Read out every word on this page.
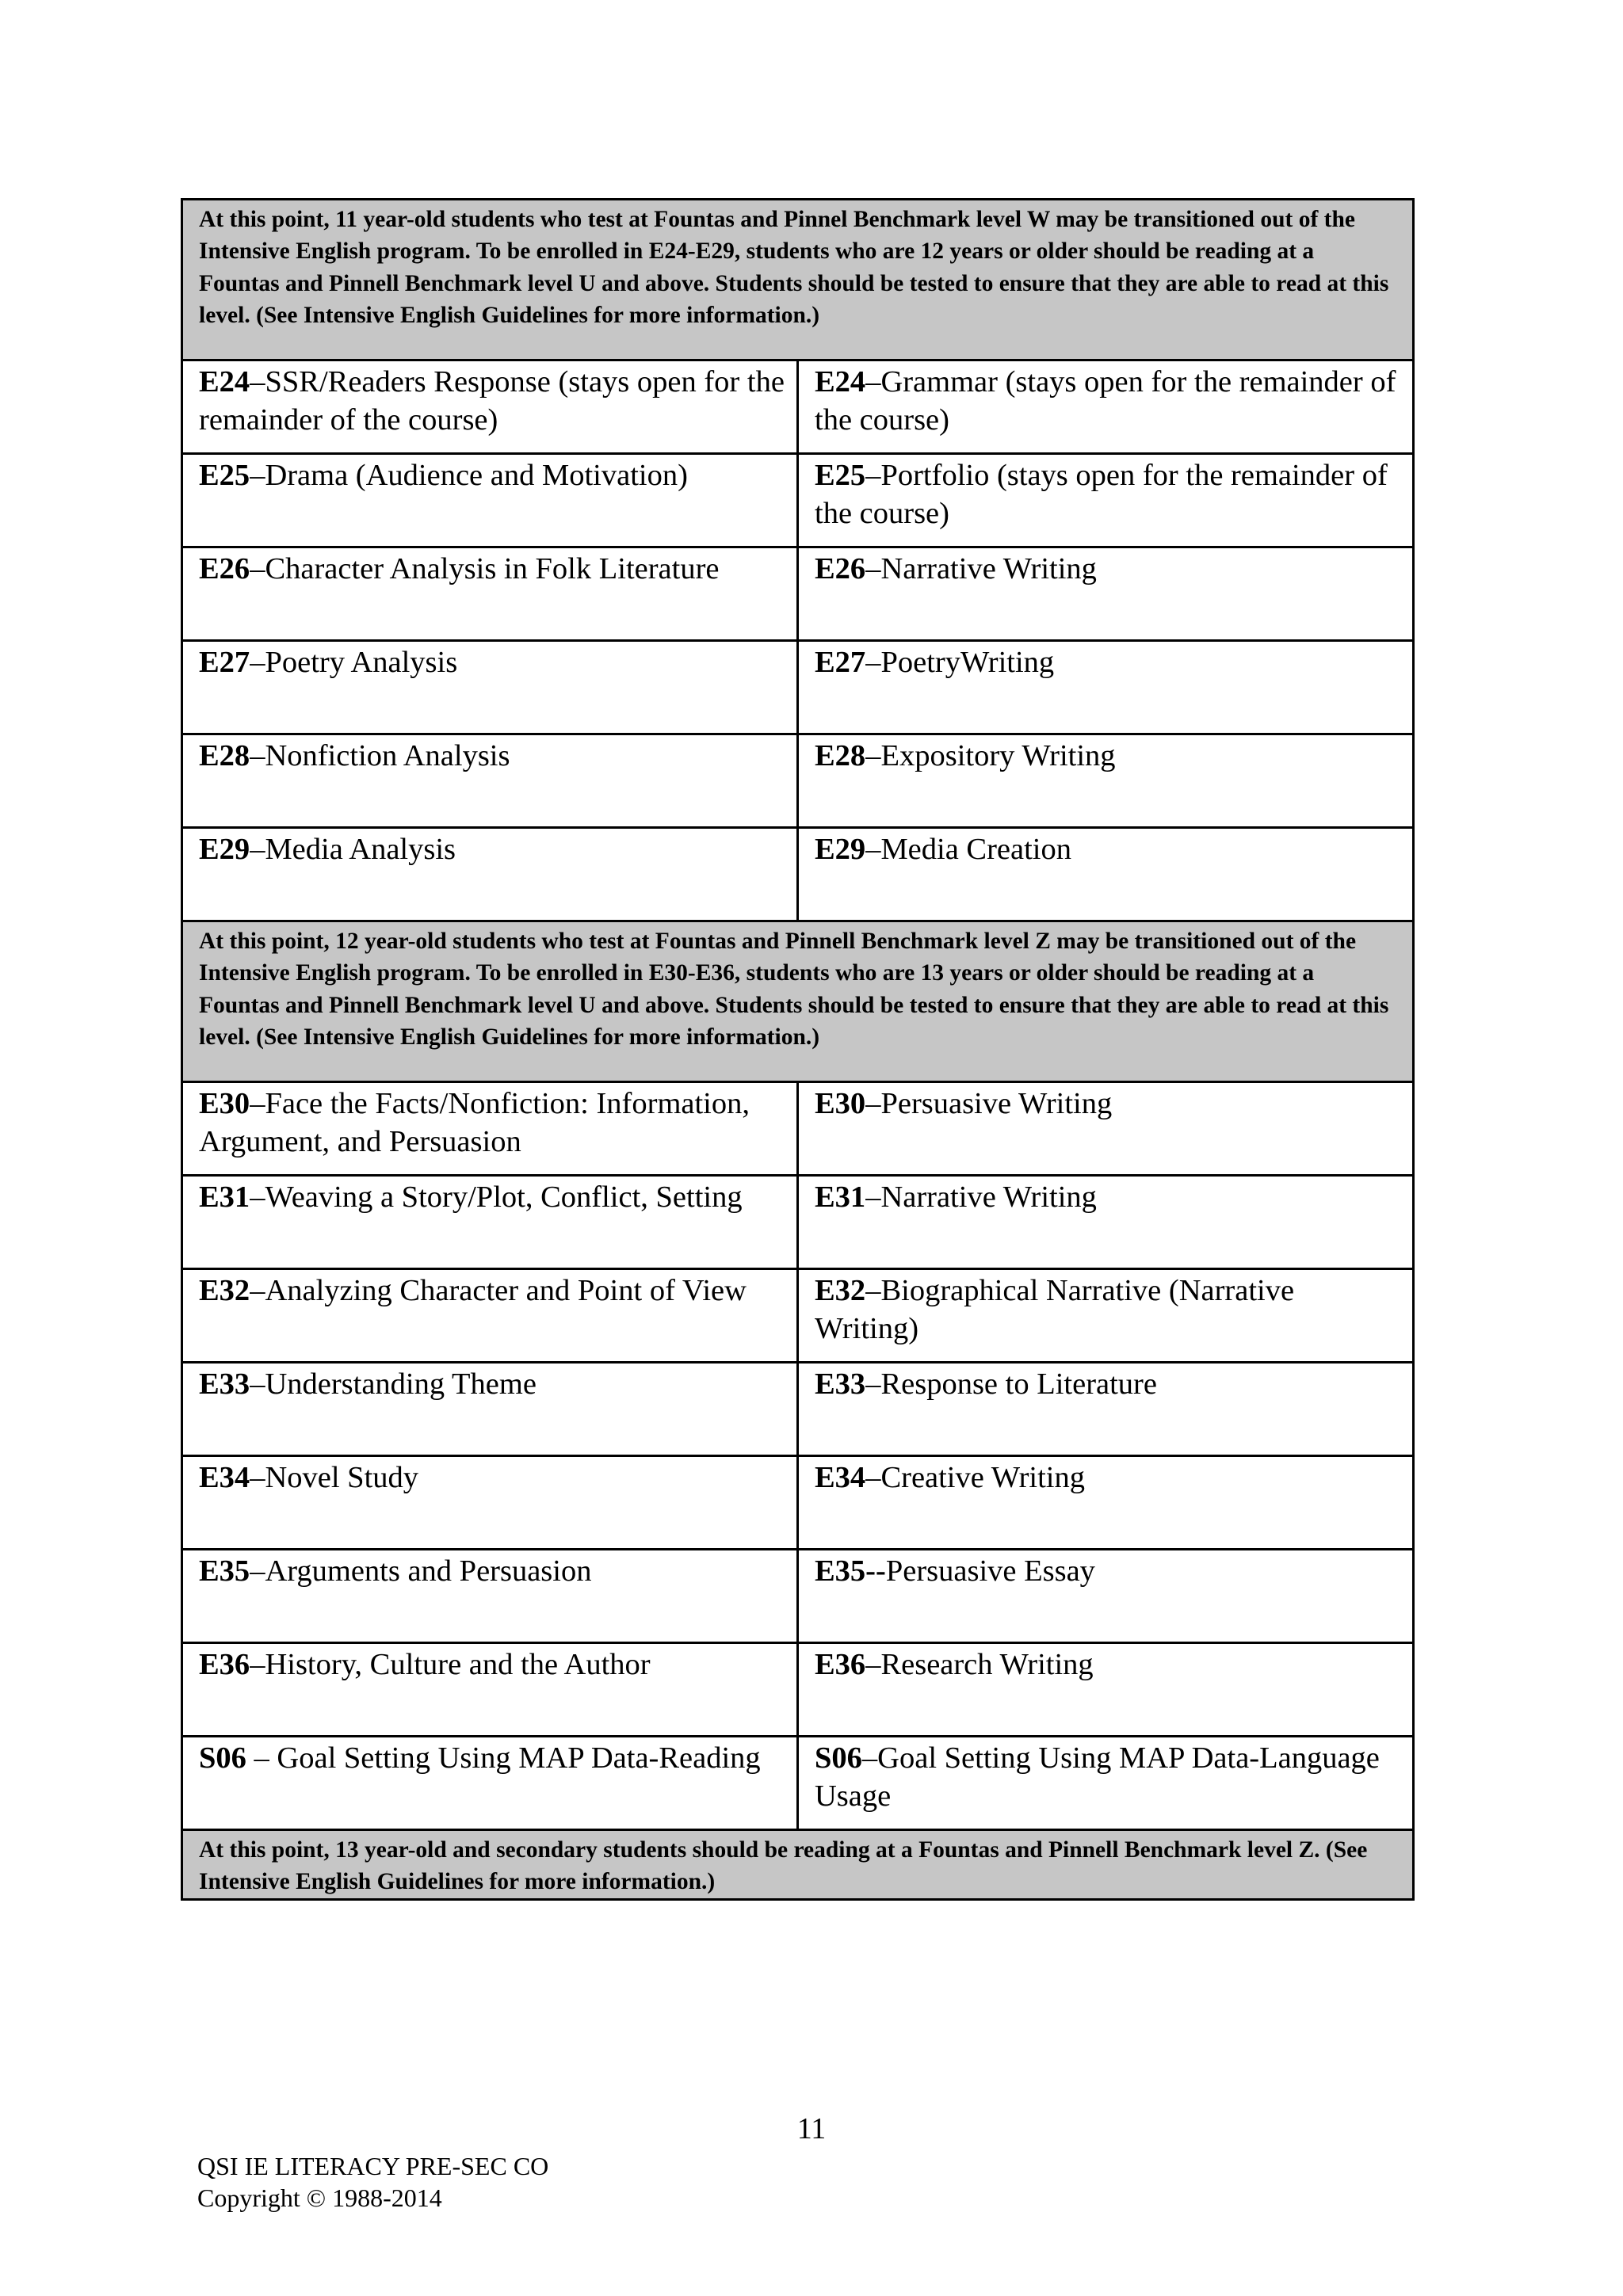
At this point, 11 year-old students who test at Fountas and Pinnel Benchmark level W may be transitioned out of the Intensive English program. To be enrolled in E24-E29, students who are 12 years or older should be reading at a Fountas and Pinnell Benchmark level U and above. Students should be tested to ensure that they are able to read at this level. (See Intensive English Guidelines for more information.)	

E24–SSR/Readers Response (stays open for the remainder of the course)	E24–Grammar (stays open for the remainder of the course)

E25–Drama (Audience and Motivation)	E25–Portfolio (stays open for the remainder of the course)

E26–Character Analysis in Folk Literature	E26–Narrative Writing

E27–Poetry Analysis	E27–PoetryWriting

E28–Nonfiction Analysis	E28–Expository Writing

E29–Media Analysis	E29–Media Creation

At this point, 12 year-old students who test at Fountas and Pinnell Benchmark level Z may be transitioned out of the Intensive English program. To be enrolled in E30-E36, students who are 13 years or older should be reading at a Fountas and Pinnell Benchmark level U and above. Students should be tested to ensure that they are able to read at this level. (See Intensive English Guidelines for more information.)	

E30–Face the Facts/Nonfiction: Information, Argument, and Persuasion	E30–Persuasive Writing

E31–Weaving a Story/Plot, Conflict, Setting	E31–Narrative Writing

E32–Analyzing Character and Point of View	E32–Biographical Narrative (Narrative Writing)

E33–Understanding Theme	E33–Response to Literature

E34–Novel Study	E34–Creative Writing

E35–Arguments and Persuasion	E35--Persuasive Essay

E36–History, Culture and the Author	E36–Research Writing

S06 – Goal Setting Using MAP Data-Reading	S06–Goal Setting Using MAP Data-Language Usage

At this point, 13 year-old and secondary students should be reading at a Fountas and Pinnell Benchmark level Z. (See Intensive English Guidelines for more information.)	
11
QSI IE LITERACY PRE-SEC CO
Copyright © 1988-2014
